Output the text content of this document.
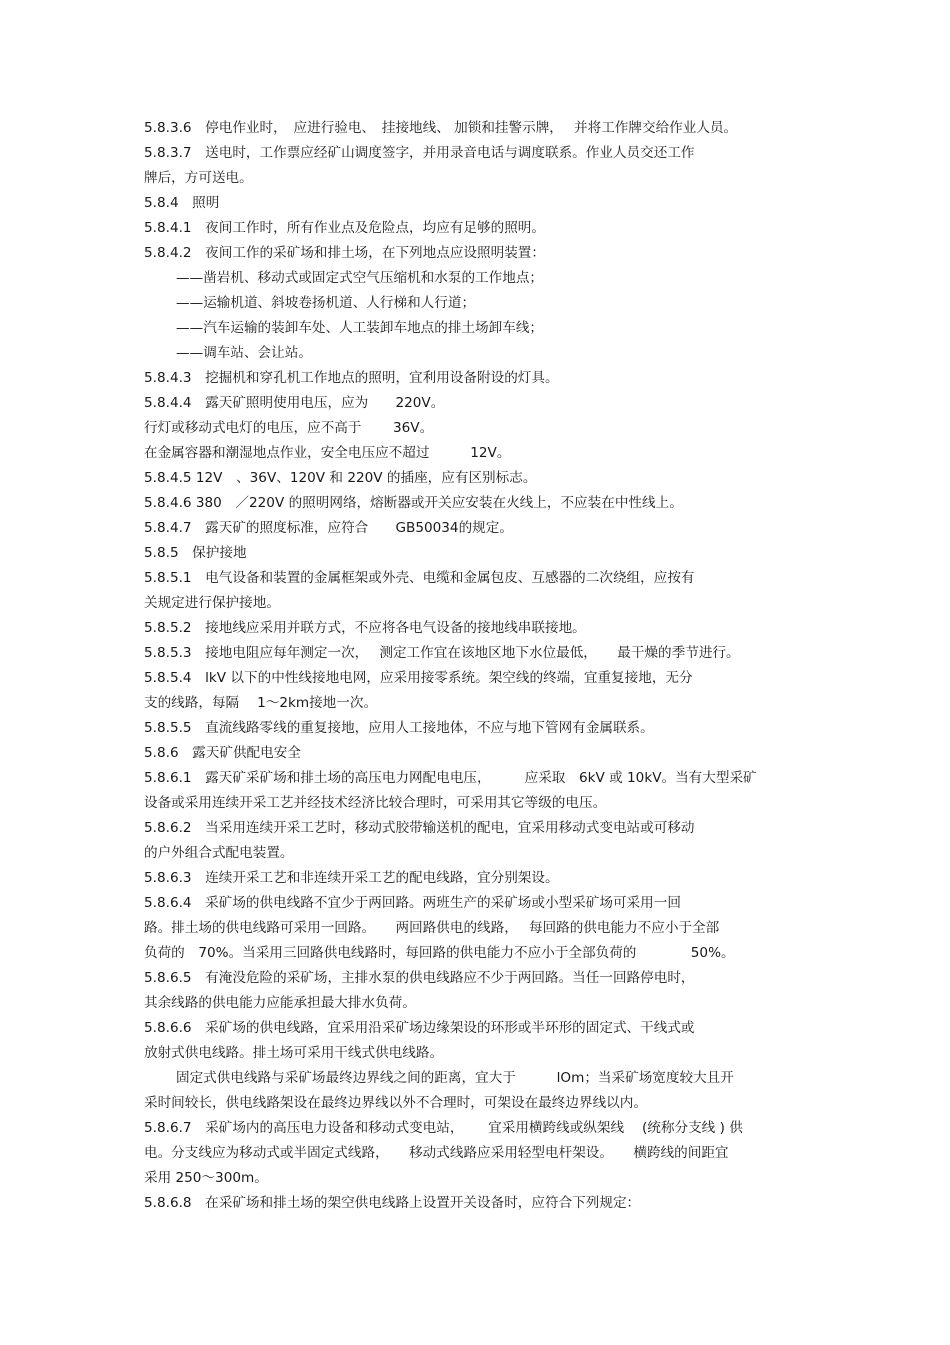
5.8.3.6　停电作业时，　应进行验电、　挂接地线、 加锁和挂警示牌，　 并将工作牌交给作业人员。
5.8.3.7　送电时，工作票应经矿山调度签字，并用录音电话与调度联系。作业人员交还工作
牌后，方可送电。
5.8.4　照明
5.8.4.1　夜间工作时，所有作业点及危险点，均应有足够的照明。
5.8.4.2　夜间工作的采矿场和排土场，在下列地点应设照明装置：
——凿岩机、移动式或固定式空气压缩机和水泵的工作地点；
——运输机道、斜坡卷扬机道、人行梯和人行道；
——汽车运输的装卸车处、人工装卸车地点的排土场卸车线；
——调车站、会让站。
5.8.4.3　挖掘机和穿孔机工作地点的照明，宜利用设备附设的灯具。
5.8.4.4　露天矿照明使用电压，应为　　220V。
行灯或移动式电灯的电压，应不高于　　 36V。
在金属容器和潮湿地点作业，安全电压应不超过　　　12V。
5.8.4.5 12V　、36V、120V 和 220V 的插座，应有区别标志。
5.8.4.6 380　／220V 的照明网络，熔断器或开关应安装在火线上，不应装在中性线上。
5.8.4.7　露天矿的照度标准，应符合　　GB50034的规定。
5.8.5　保护接地
5.8.5.1　电气设备和装置的金属框架或外壳、电缆和金属包皮、互感器的二次绕组，应按有
关规定进行保护接地。
5.8.5.2　接地线应采用并联方式，不应将各电气设备的接地线串联接地。
5.8.5.3　接地电阻应每年测定一次，　 测定工作宜在该地区地下水位最低，　　最干燥的季节进行。
5.8.5.4　lkV 以下的中性线接地电网，应采用接零系统。架空线的终端，宜重复接地，无分
支的线路，每隔　 1～2km接地一次。
5.8.5.5　直流线路零线的重复接地，应用人工接地体，不应与地下管网有金属联系。
5.8.6　露天矿供配电安全
5.8.6.1　露天矿采矿场和排土场的高压电力网配电电压，　　　应采取　6kV 或 10kV。当有大型采矿
设备或采用连续开采工艺并经技术经济比较合理时，可采用其它等级的电压。
5.8.6.2　当采用连续开采工艺时，移动式胶带输送机的配电，宜采用移动式变电站或可移动
的户外组合式配电装置。
5.8.6.3　连续开采工艺和非连续开采工艺的配电线路，宜分别架设。
5.8.6.4　采矿场的供电线路不宜少于两回路。两班生产的采矿场或小型采矿场可采用一回
路。排土场的供电线路可采用一回路。　　两回路供电的线路，　 每回路的供电能力不应小于全部
负荷的　70%。当采用三回路供电线路时，每回路的供电能力不应小于全部负荷的　　　　50%。
5.8.6.5　有淹没危险的采矿场，主排水泵的供电线路应不少于两回路。当任一回路停电时，
其余线路的供电能力应能承担最大排水负荷。
5.8.6.6　采矿场的供电线路，宜采用沿采矿场边缘架设的环形或半环形的固定式、干线式或
放射式供电线路。排土场可采用干线式供电线路。
固定式供电线路与采矿场最终边界线之间的距离，宜大于　　　lOm；当采矿场宽度较大且开
采时间较长，供电线路架设在最终边界线以外不合理时，可架设在最终边界线以内。
5.8.6.7　采矿场内的高压电力设备和移动式变电站，　　 宜采用横跨线或纵架线　 (统称分支线 ) 供
电。分支线应为移动式或半固定式线路，　　移动式线路应采用轻型电杆架设。　　横跨线的间距宜
采用 250～300m。
5.8.6.8　在采矿场和排土场的架空供电线路上设置开关设备时，应符合下列规定：
